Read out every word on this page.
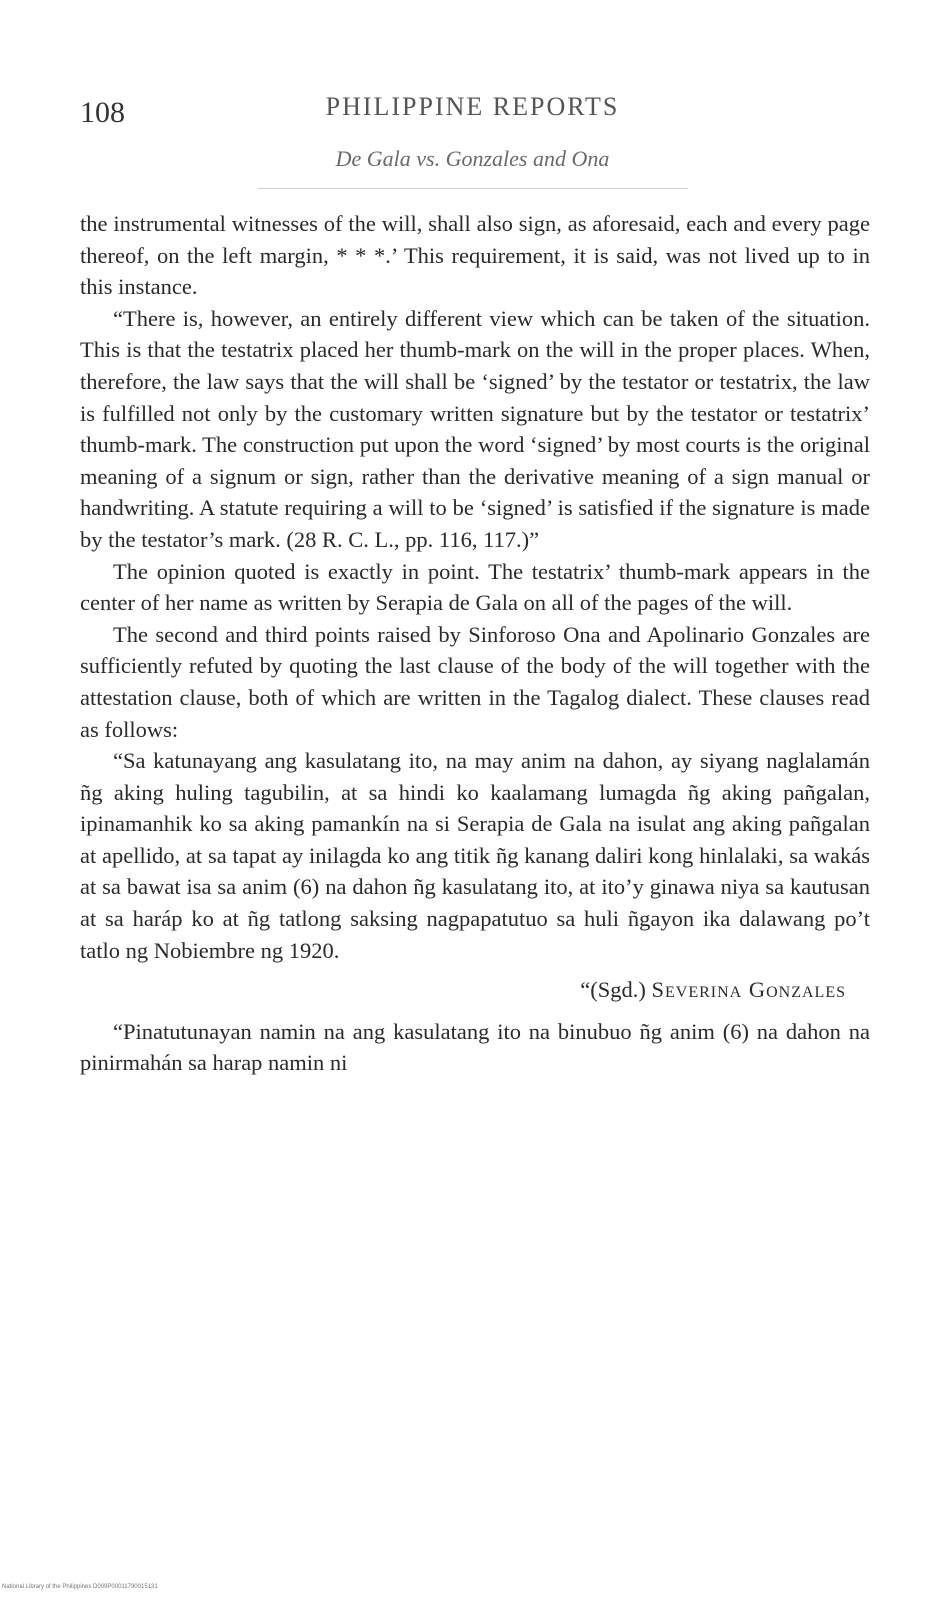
108	PHILIPPINE REPORTS
De Gala vs. Gonzales and Ona

the instrumental witnesses of the will, shall also sign, as aforesaid, each and every page thereof, on the left margin, * * *.’ This requirement, it is said, was not lived up to in this instance.

“There is, however, an entirely different view which can be taken of the situation. This is that the testatrix placed her thumb-mark on the will in the proper places. When, therefore, the law says that the will shall be ‘signed’ by the testator or testatrix, the law is fulfilled not only by the customary written signature but by the testator or testatrix’ thumb-mark. The construction put upon the word ‘signed’ by most courts is the original meaning of a signum or sign, rather than the derivative meaning of a sign manual or handwriting. A statute requiring a will to be ‘signed’ is satisfied if the signature is made by the testator’s mark. (28 R. C. L., pp. 116, 117.)”

The opinion quoted is exactly in point. The testatrix’ thumb-mark appears in the center of her name as written by Serapia de Gala on all of the pages of the will.

The second and third points raised by Sinforoso Ona and Apolinario Gonzales are sufficiently refuted by quoting the last clause of the body of the will together with the attestation clause, both of which are written in the Tagalog dialect. These clauses read as follows:

“Sa katunayang ang kasulatang ito, na may anim na dahon, ay siyang naglalamán ñg aking huling tagubilin, at sa hindi ko kaalamang lumagda ñg aking pañgalan, ipinamanhik ko sa aking pamankín na si Serapia de Gala na isulat ang aking pañgalan at apellido, at sa tapat ay inilagda ko ang titik ñg kanang daliri kong hinlalaki, sa wakás at sa bawat isa sa anim (6) na dahon ñg kasulatang ito, at ito’y ginawa niya sa kautusan at sa haráp ko at ñg tatlong saksing nagpapatutuo sa huli ñgayon ika dalawang po’t tatlo ng Nobiembre ng 1920.

“(Sgd.) Severina Gonzales

“Pinatutunayan namin na ang kasulatang ito na binubuo ñg anim (6) na dahon na pinirmahán sa harap namin ni

National Library of the Philippines D009P00011790015131
